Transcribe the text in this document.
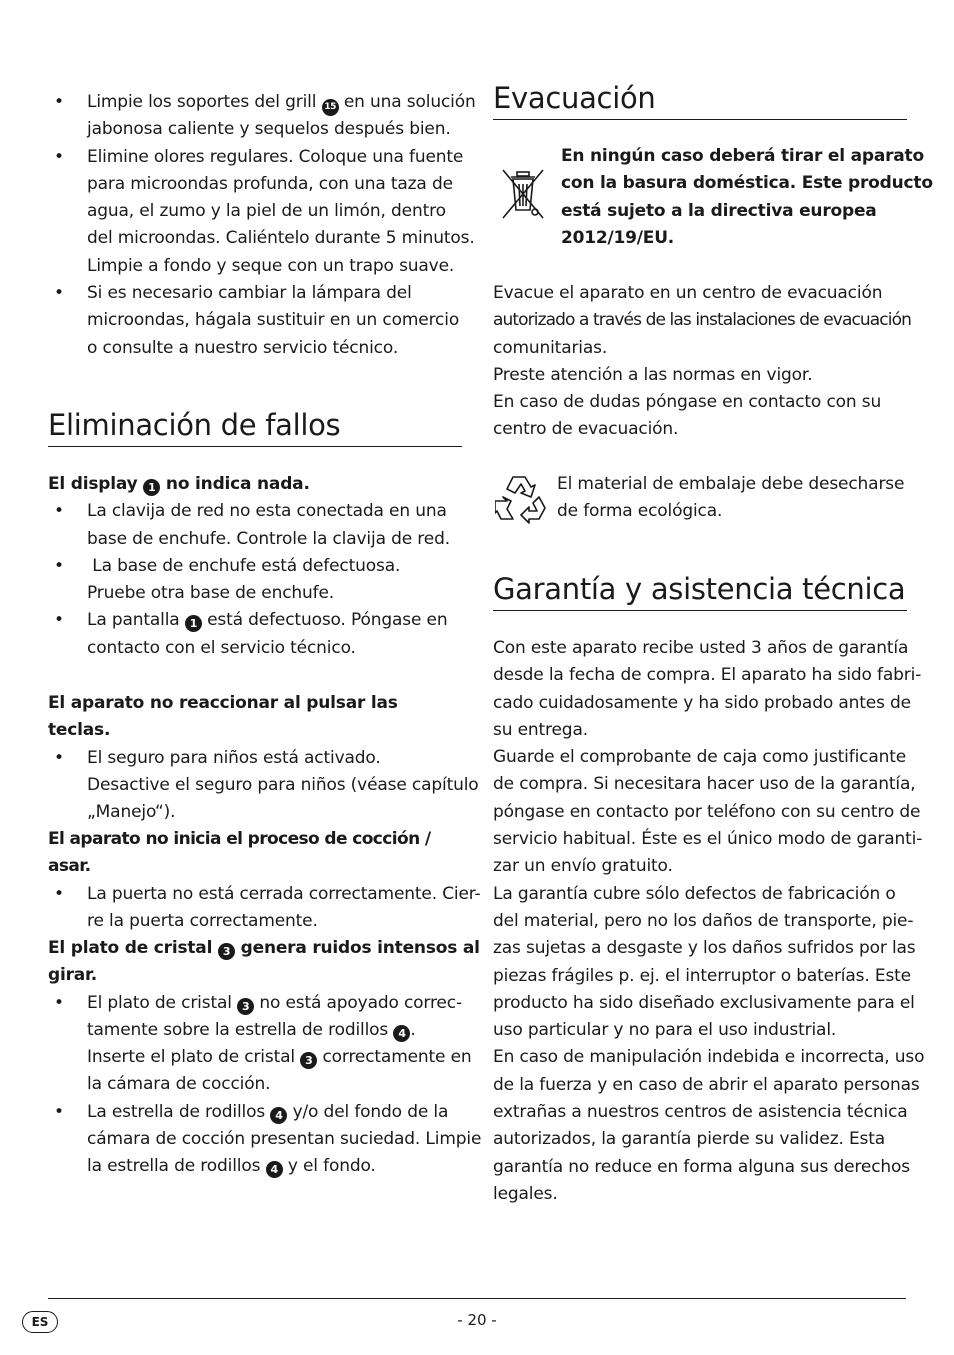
• Limpie los soportes del grill 15 en una solución
jabonosa caliente y sequelos después bien.
• Elimine olores regulares. Coloque una fuente
para microondas profunda, con una taza de
agua, el zumo y la piel de un limón, dentro
del microondas. Caliéntelo durante 5 minutos.
Limpie a fondo y seque con un trapo suave.
• Si es necesario cambiar la lámpara del
microondas, hágala sustituir en un comercio
o consulte a nuestro servicio técnico.
Eliminación de fallos
El display 1 no indica nada.
• La clavija de red no esta conectada en una
base de enchufe. Controle la clavija de red.
• La base de enchufe está defectuosa.
Pruebe otra base de enchufe.
• La pantalla 1 está defectuoso. Póngase en
contacto con el servicio técnico.
El aparato no reaccionar al pulsar las teclas.
• El seguro para niños está activado.
Desactive el seguro para niños (véase capítulo
„Manejo“).
El aparato no inicia el proceso de cocción / asar.
• La puerta no está cerrada correctamente. Cier-
re la puerta correctamente.
El plato de cristal 3 genera ruidos intensos al
girar.
• El plato de cristal 3 no está apoyado correc-
tamente sobre la estrella de rodillos 4 .
Inserte el plato de cristal 3 correctamente en
la cámara de cocción.
• La estrella de rodillos 4 y/o del fondo de la
cámara de cocción presentan suciedad. Limpie
la estrella de rodillos 4 y el fondo.
Evacuación
En ningún caso deberá tirar el aparato
con la basura doméstica. Este producto
está sujeto a la directiva europea
2012/19/EU.
Evacue el aparato en un centro de evacuación
autorizado a través de las instalaciones de evacuación
comunitarias.
Preste atención a las normas en vigor.
En caso de dudas póngase en contacto con su
centro de evacuación.
El material de embalaje debe desecharse
de forma ecológica.
Garantía y asistencia técnica
Con este aparato recibe usted 3 años de garantía
desde la fecha de compra. El aparato ha sido fabri-
cado cuidadosamente y ha sido probado antes de
su entrega.
Guarde el comprobante de caja como justificante
de compra. Si necesitara hacer uso de la garantía,
póngase en contacto por teléfono con su centro de
servicio habitual. Éste es el único modo de garanti-
zar un envío gratuito.
La garantía cubre sólo defectos de fabricación o
del material, pero no los daños de transporte, pie-
zas sujetas a desgaste y los daños sufridos por las
piezas frágiles p. ej. el interruptor o baterías. Este
producto ha sido diseñado exclusivamente para el
uso particular y no para el uso industrial.
En caso de manipulación indebida e incorrecta, uso
de la fuerza y en caso de abrir el aparato personas
extrañas a nuestros centros de asistencia técnica
autorizados, la garantía pierde su validez. Esta
garantía no reduce en forma alguna sus derechos
legales.
ES	- 20 -
